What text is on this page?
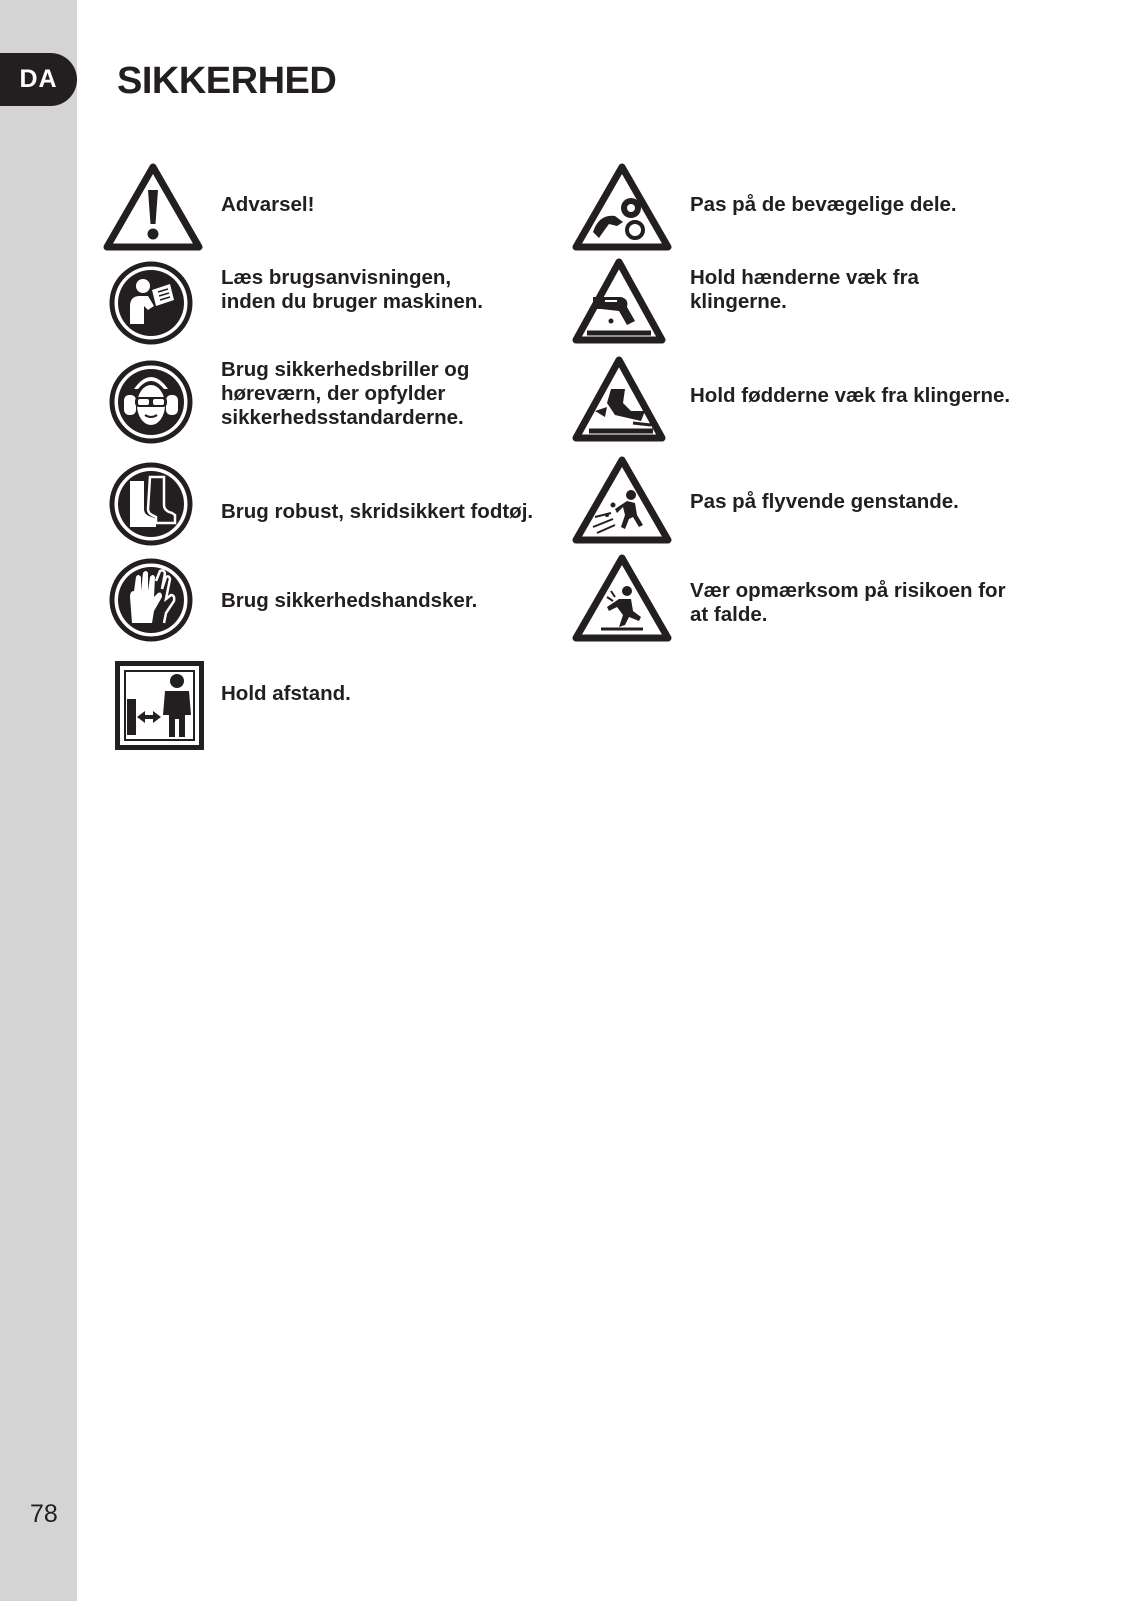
DA	SIKKERHED
78
Advarsel!
Læs brugsanvisningen,
inden du bruger maskinen.
Brug sikkerhedsbriller og
høreværn, der opfylder
sikkerhedsstandarderne.
Brug robust, skridsikkert fodtøj.
Brug sikkerhedshandsker.
Hold afstand.
Pas på de bevægelige dele.
Hold hænderne væk fra
klingerne.
Hold fødderne væk fra klingerne.
Pas på flyvende genstande.
Vær opmærksom på risikoen for
at falde.
